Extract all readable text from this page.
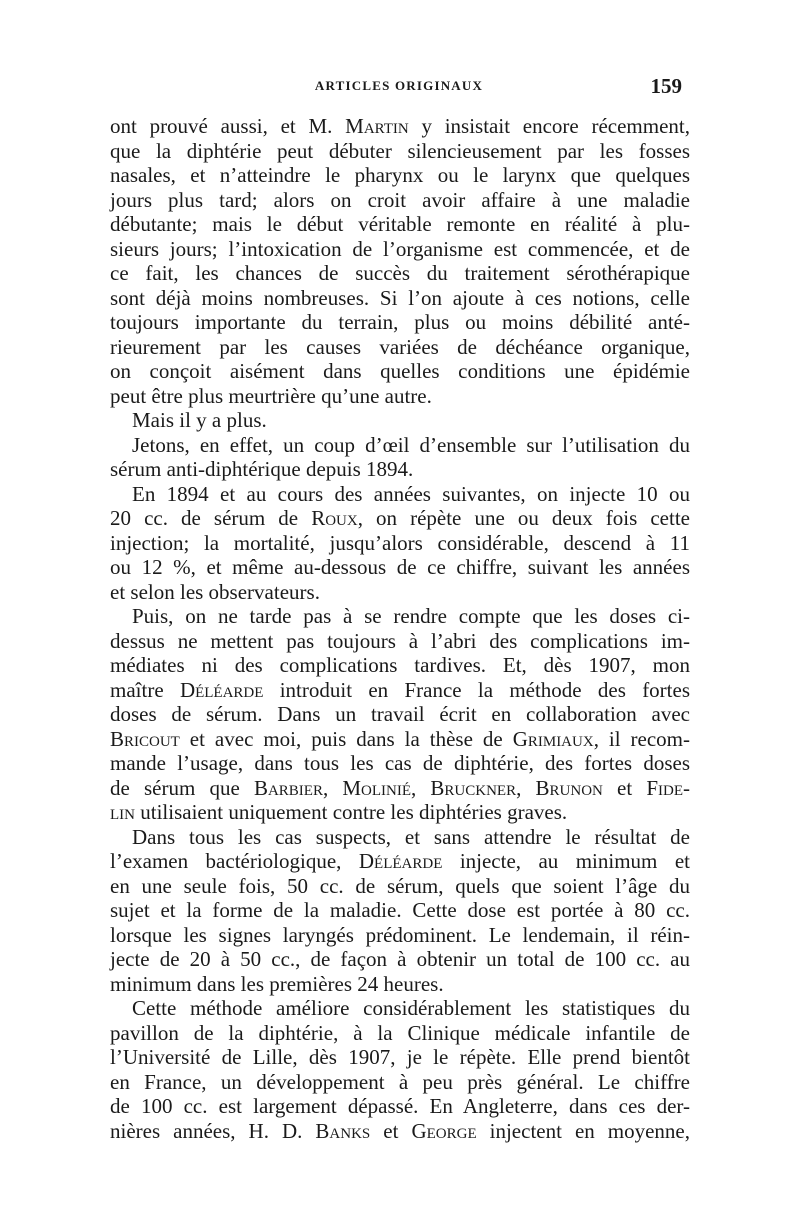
ARTICLES ORIGINAUX	159
ont prouvé aussi, et M. Martin y insistait encore récemment,
que la diphtérie peut débuter silencieusement par les fosses
nasales, et n’atteindre le pharynx ou le larynx que quelques
jours plus tard; alors on croit avoir affaire à une maladie
débutante; mais le début véritable remonte en réalité à plu-
sieurs jours; l’intoxication de l’organisme est commencée, et de
ce fait, les chances de succès du traitement sérothérapique
sont déjà moins nombreuses. Si l’on ajoute à ces notions, celle
toujours importante du terrain, plus ou moins débilité anté-
rieurement par les causes variées de déchéance organique,
on conçoit aisément dans quelles conditions une épidémie
peut être plus meurtrière qu’une autre.
Mais il y a plus.
Jetons, en effet, un coup d’œil d’ensemble sur l’utilisation du
sérum anti-diphtérique depuis 1894.
En 1894 et au cours des années suivantes, on injecte 10 ou
20 cc. de sérum de Roux, on répète une ou deux fois cette
injection; la mortalité, jusqu’alors considérable, descend à 11
ou 12 %, et même au-dessous de ce chiffre, suivant les années
et selon les observateurs.
Puis, on ne tarde pas à se rendre compte que les doses ci-
dessus ne mettent pas toujours à l’abri des complications im-
médiates ni des complications tardives. Et, dès 1907, mon
maître Déléarde introduit en France la méthode des fortes
doses de sérum. Dans un travail écrit en collaboration avec
Bricout et avec moi, puis dans la thèse de Grimiaux, il recom-
mande l’usage, dans tous les cas de diphtérie, des fortes doses
de sérum que Barbier, Molinié, Bruckner, Brunon et Fide-
lin utilisaient uniquement contre les diphtéries graves.
Dans tous les cas suspects, et sans attendre le résultat de
l’examen bactériologique, Déléarde injecte, au minimum et
en une seule fois, 50 cc. de sérum, quels que soient l’âge du
sujet et la forme de la maladie. Cette dose est portée à 80 cc.
lorsque les signes laryngés prédominent. Le lendemain, il réin-
jecte de 20 à 50 cc., de façon à obtenir un total de 100 cc. au
minimum dans les premières 24 heures.
Cette méthode améliore considérablement les statistiques du
pavillon de la diphtérie, à la Clinique médicale infantile de
l’Université de Lille, dès 1907, je le répète. Elle prend bientôt
en France, un développement à peu près général. Le chiffre
de 100 cc. est largement dépassé. En Angleterre, dans ces der-
nières années, H. D. Banks et George injectent en moyenne,
